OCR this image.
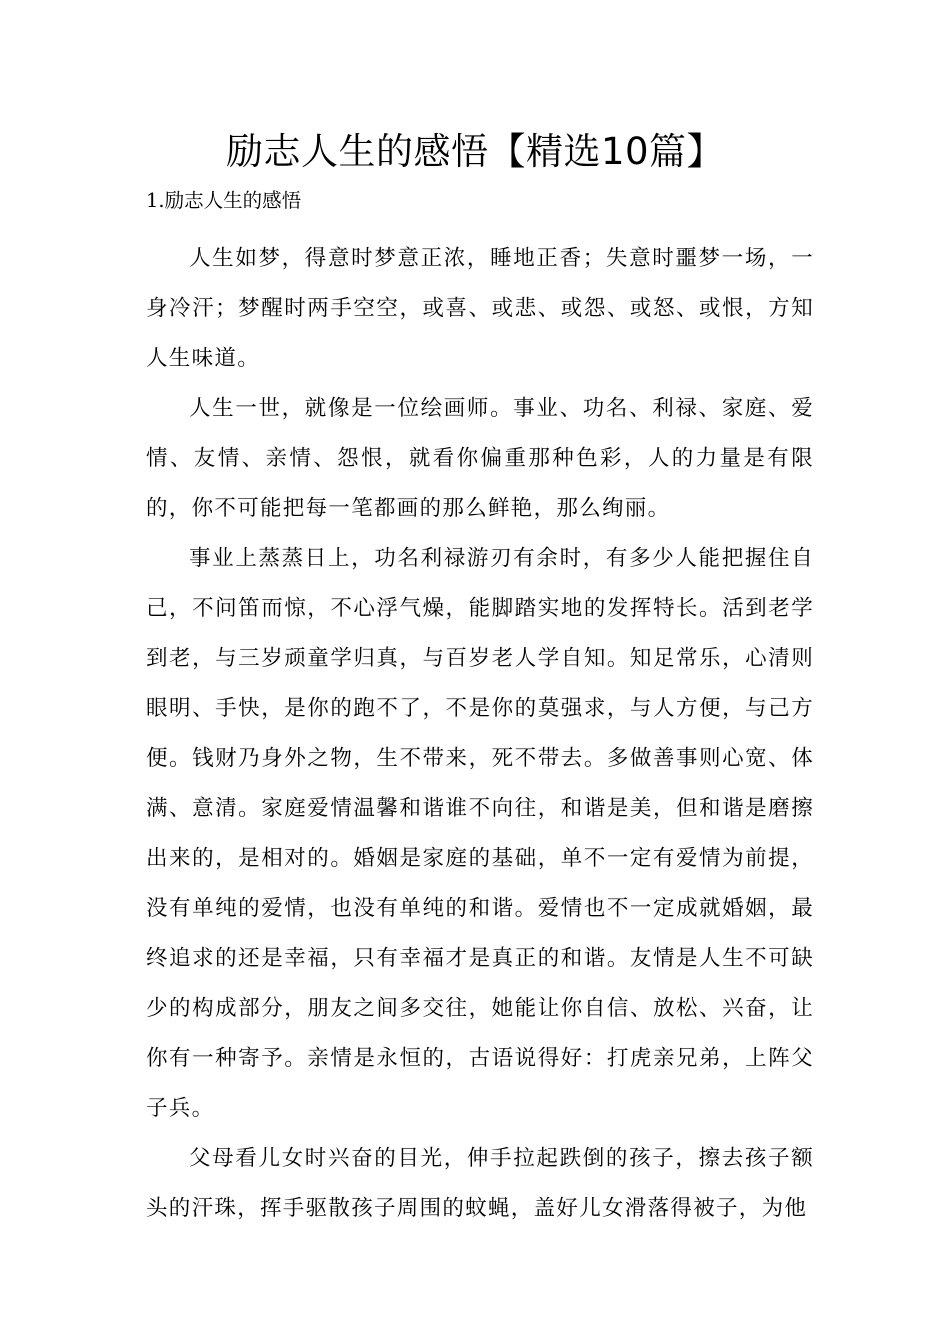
励志人生的感悟【精选10篇】
1.励志人生的感悟

人生如梦，得意时梦意正浓，睡地正香；失意时噩梦一场，一身冷汗；梦醒时两手空空，或喜、或悲、或怨、或怒、或恨，方知人生味道。

人生一世，就像是一位绘画师。事业、功名、利禄、家庭、爱情、友情、亲情、怨恨，就看你偏重那种色彩，人的力量是有限的，你不可能把每一笔都画的那么鲜艳，那么绚丽。

事业上蒸蒸日上，功名利禄游刃有余时，有多少人能把握住自己，不问笛而惊，不心浮气燥，能脚踏实地的发挥特长。活到老学到老，与三岁顽童学归真，与百岁老人学自知。知足常乐，心清则眼明、手快，是你的跑不了，不是你的莫强求，与人方便，与己方便。钱财乃身外之物，生不带来，死不带去。多做善事则心宽、体满、意清。家庭爱情温馨和谐谁不向往，和谐是美，但和谐是磨擦出来的，是相对的。婚姻是家庭的基础，单不一定有爱情为前提，没有单纯的爱情，也没有单纯的和谐。爱情也不一定成就婚姻，最终追求的还是幸福，只有幸福才是真正的和谐。友情是人生不可缺少的构成部分，朋友之间多交往，她能让你自信、放松、兴奋，让你有一种寄予。亲情是永恒的，古语说得好：打虎亲兄弟，上阵父子兵。

父母看儿女时兴奋的目光，伸手拉起跌倒的孩子，擦去孩子额头的汗珠，挥手驱散孩子周围的蚊蝇，盖好儿女滑落得被子，为他
